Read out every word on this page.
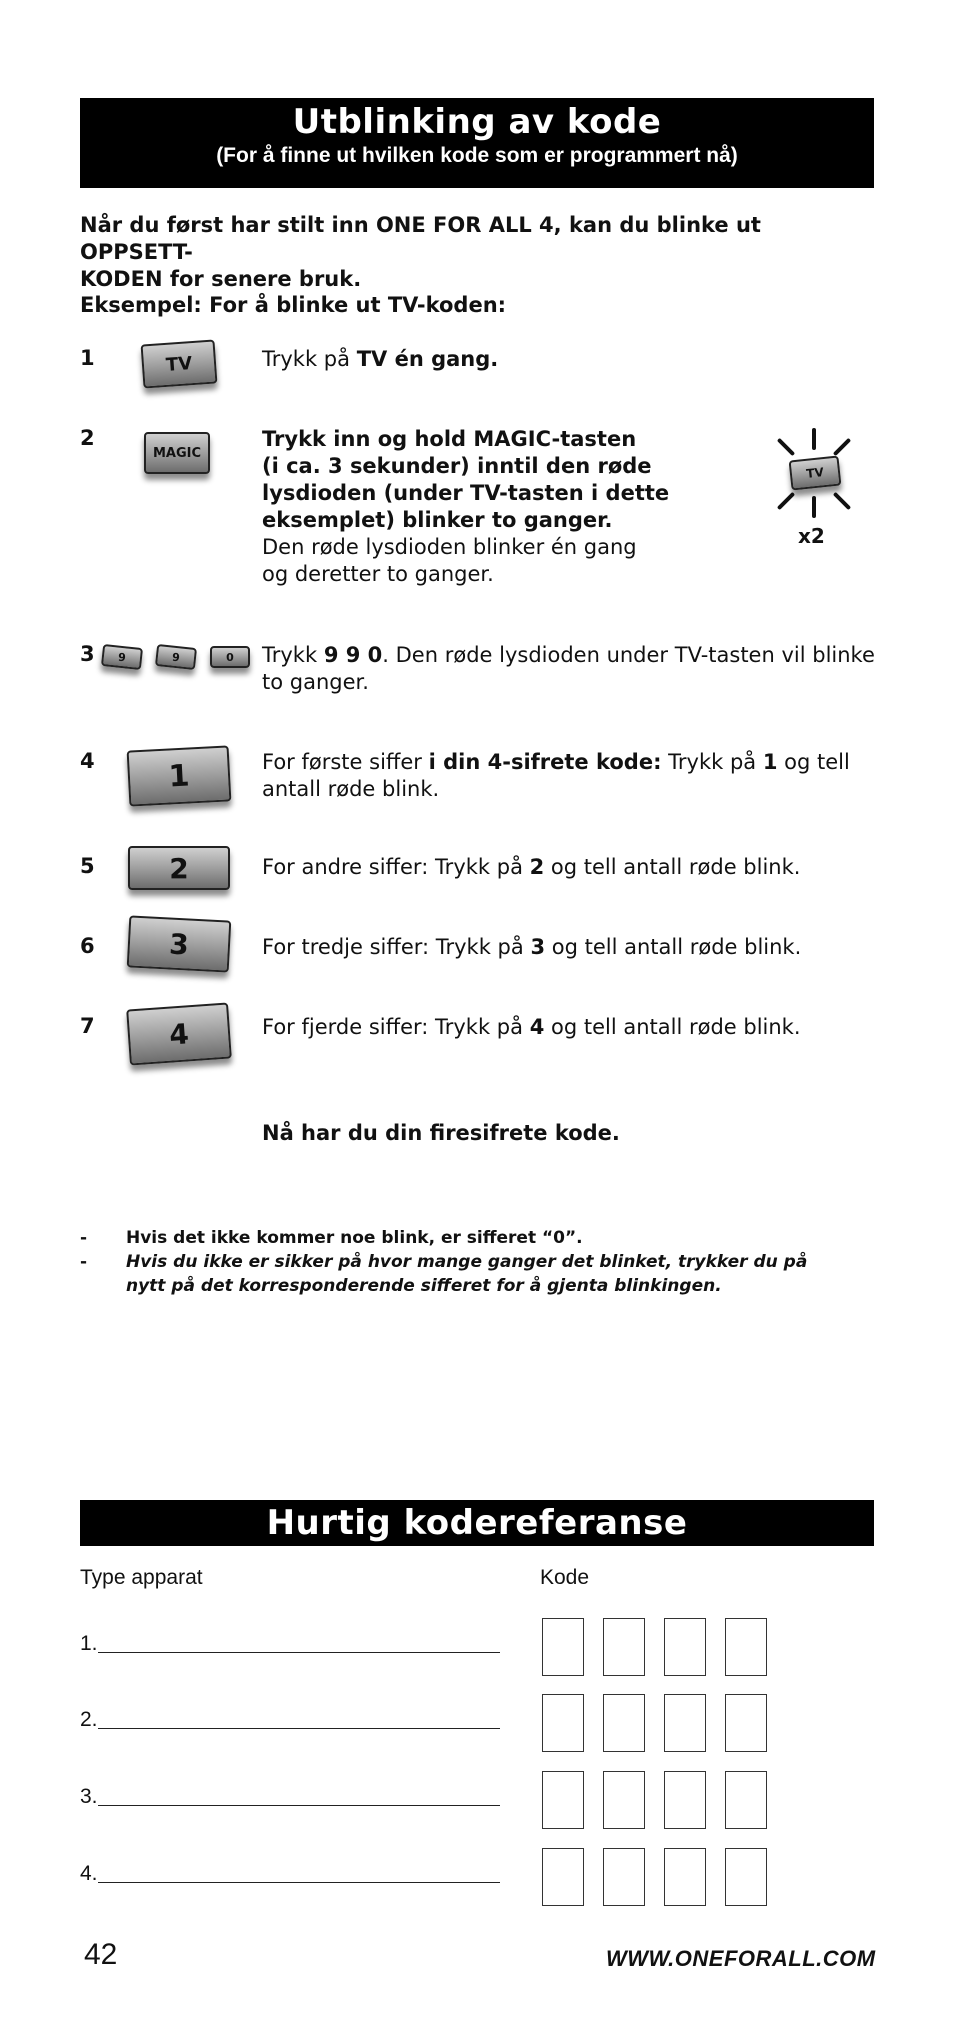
Utblinking av kode
(For å finne ut hvilken kode som er programmert nå)
Når du først har stilt inn ONE FOR ALL 4, kan du blinke ut OPPSETT-
KODEN for senere bruk.
Eksempel: For å blinke ut TV-koden:
1	TV	Trykk på TV én gang.
2
MAGIC
Trykk inn og hold MAGIC-tasten
(i ca. 3 sekunder) inntil den røde
lysdioden (under TV-tasten i dette
eksemplet) blinker to ganger.
Den røde lysdioden blinker én gang
og deretter to ganger.
TV
x2
3 9	9	0 Trykk 9 9 0. Den røde lysdioden under TV-tasten vil blinke
to ganger.
4 1	For første siffer i din 4-sifrete kode: Trykk på 1 og tell
antall røde blink.
5	2	For andre siffer: Trykk på 2 og tell antall røde blink.
6	3	For tredje siffer: Trykk på 3 og tell antall røde blink.
7	4	For fjerde siffer: Trykk på 4 og tell antall røde blink.
Nå har du din firesifrete kode.
- Hvis det ikke kommer noe blink, er sifferet “0”.
- Hvis du ikke er sikker på hvor mange ganger det blinket, trykker du på
nytt på det korresponderende sifferet for å gjenta blinkingen.
Hurtig kodereferanse
Type apparat	Kode
1.
2.
3.
4.
42	WWW.ONEFORALL.COM
